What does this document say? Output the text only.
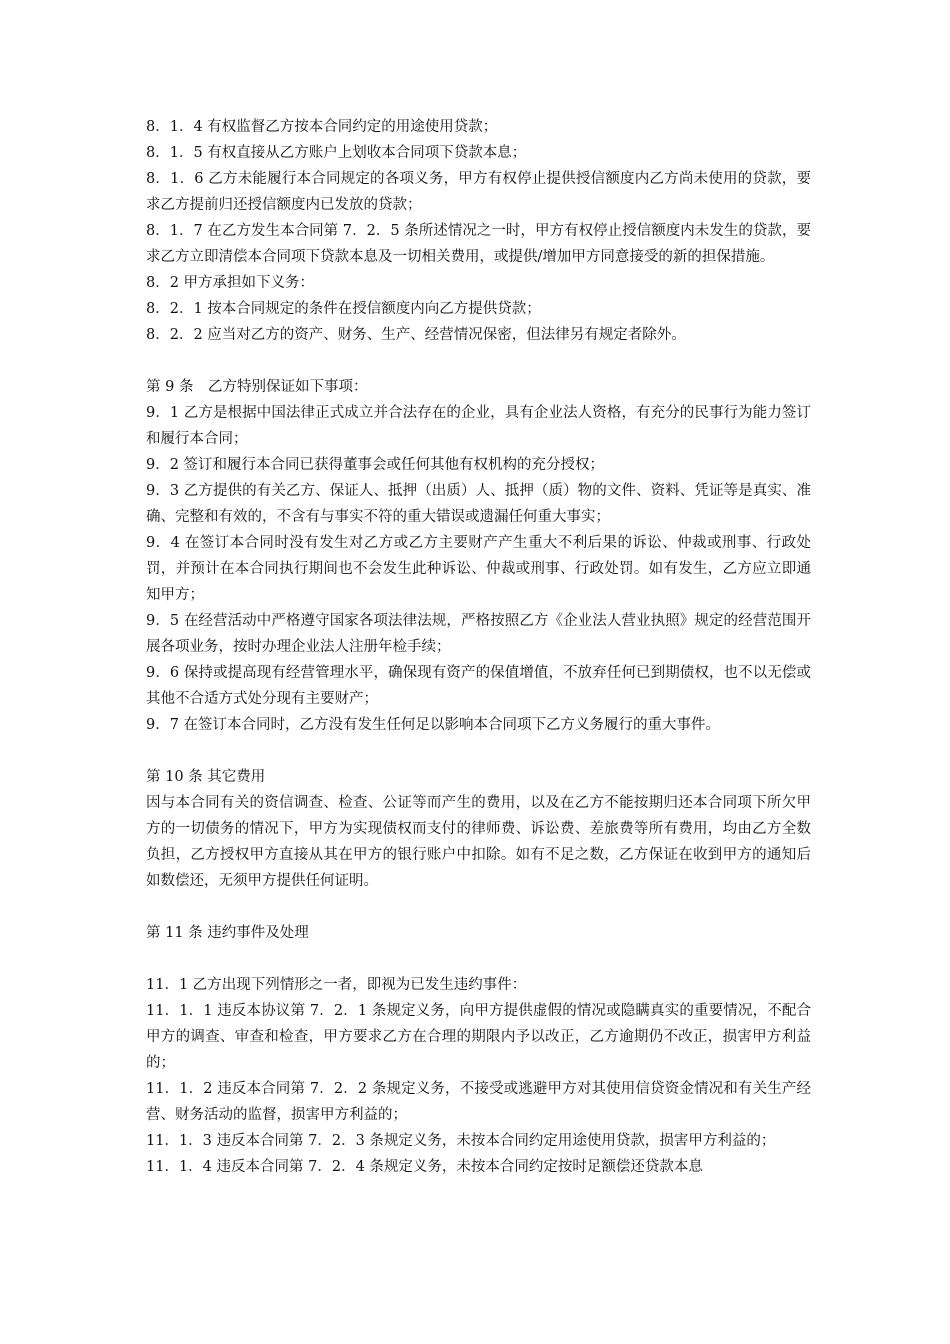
8．1．4 有权监督乙方按本合同约定的用途使用贷款；

8．1．5 有权直接从乙方账户上划收本合同项下贷款本息；

8．1．6 乙方未能履行本合同规定的各项义务，甲方有权停止提供授信额度内乙方尚未使用的贷款，要求乙方提前归还授信额度内已发放的贷款；

8．1．7 在乙方发生本合同第 7．2．5 条所述情况之一时，甲方有权停止授信额度内未发生的贷款，要求乙方立即清偿本合同项下贷款本息及一切相关费用，或提供/增加甲方同意接受的新的担保措施。

8．2 甲方承担如下义务：

8．2．1 按本合同规定的条件在授信额度内向乙方提供贷款；

8．2．2 应当对乙方的资产、财务、生产、经营情况保密，但法律另有规定者除外。

第 9 条　乙方特别保证如下事项：

9．1 乙方是根据中国法律正式成立并合法存在的企业，具有企业法人资格，有充分的民事行为能力签订和履行本合同；

9．2 签订和履行本合同已获得董事会或任何其他有权机构的充分授权；

9．3 乙方提供的有关乙方、保证人、抵押（出质）人、抵押（质）物的文件、资料、凭证等是真实、准确、完整和有效的，不含有与事实不符的重大错误或遗漏任何重大事实；

9．4 在签订本合同时没有发生对乙方或乙方主要财产产生重大不利后果的诉讼、仲裁或刑事、行政处罚，并预计在本合同执行期间也不会发生此种诉讼、仲裁或刑事、行政处罚。如有发生，乙方应立即通知甲方；

9．5 在经营活动中严格遵守国家各项法律法规，严格按照乙方《企业法人营业执照》规定的经营范围开展各项业务，按时办理企业法人注册年检手续；

9．6 保持或提高现有经营管理水平，确保现有资产的保值增值，不放弃任何已到期债权，也不以无偿或其他不合适方式处分现有主要财产；

9．7 在签订本合同时，乙方没有发生任何足以影响本合同项下乙方义务履行的重大事件。

第 10 条 其它费用

因与本合同有关的资信调查、检查、公证等而产生的费用，以及在乙方不能按期归还本合同项下所欠甲方的一切债务的情况下，甲方为实现债权而支付的律师费、诉讼费、差旅费等所有费用，均由乙方全数负担，乙方授权甲方直接从其在甲方的银行账户中扣除。如有不足之数，乙方保证在收到甲方的通知后如数偿还，无须甲方提供任何证明。

第 11 条 违约事件及处理

11．1 乙方出现下列情形之一者，即视为已发生违约事件：

11．1．1 违反本协议第 7．2．1 条规定义务，向甲方提供虚假的情况或隐瞒真实的重要情况，不配合甲方的调查、审查和检查，甲方要求乙方在合理的期限内予以改正，乙方逾期仍不改正，损害甲方利益的；

11．1．2 违反本合同第 7．2．2 条规定义务，不接受或逃避甲方对其使用信贷资金情况和有关生产经营、财务活动的监督，损害甲方利益的；

11．1．3 违反本合同第 7．2．3 条规定义务，未按本合同约定用途使用贷款，损害甲方利益的；

11．1．4 违反本合同第 7．2．4 条规定义务，未按本合同约定按时足额偿还贷款本息
